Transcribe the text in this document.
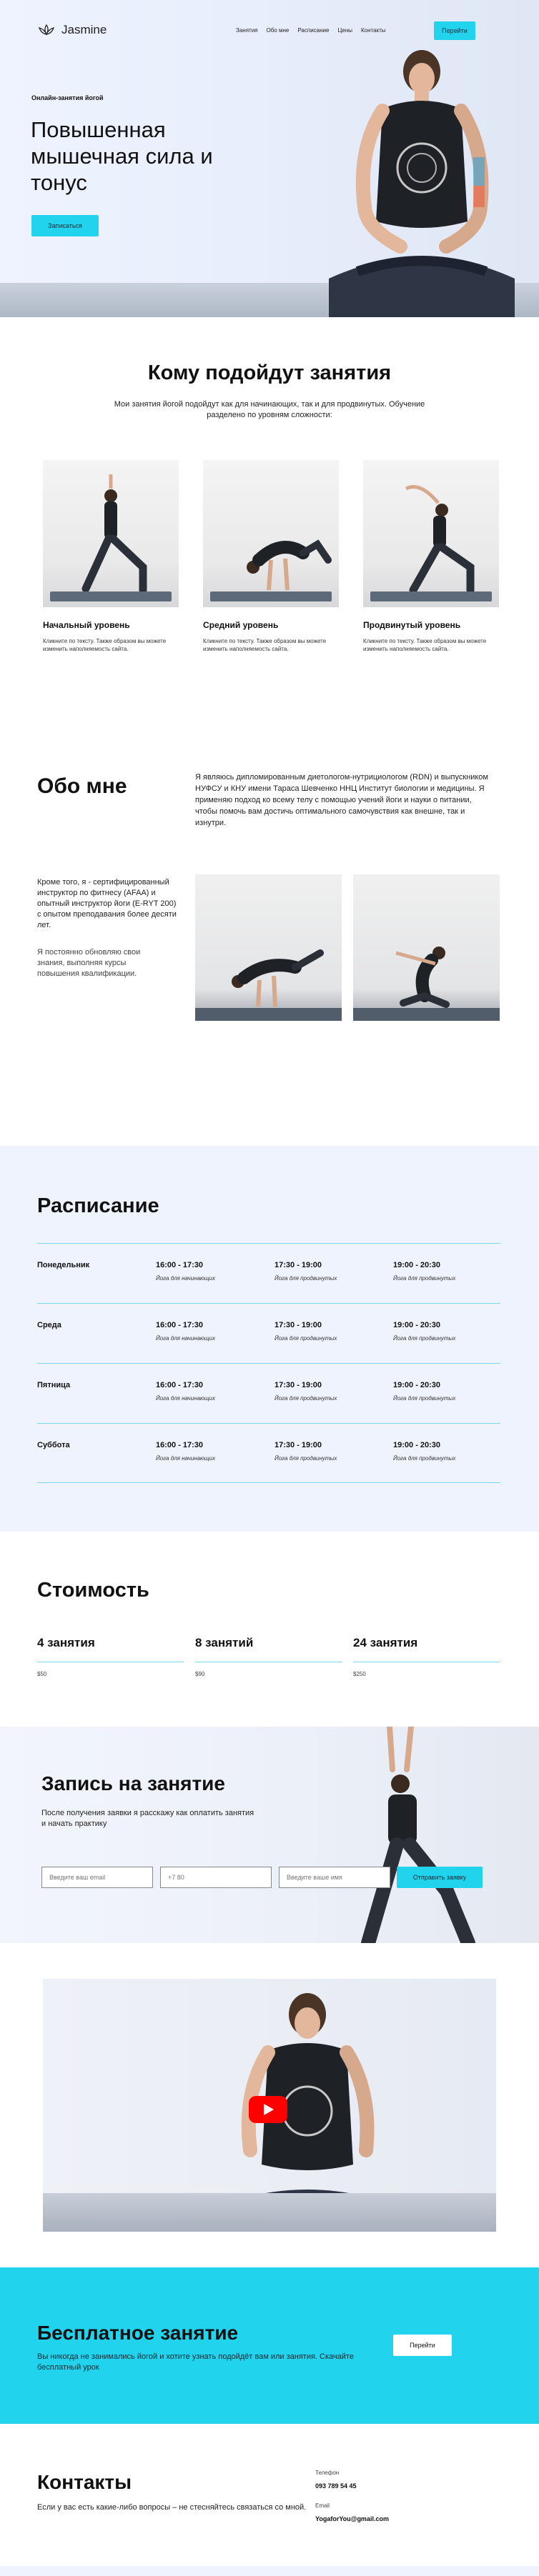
Jasmine	Занятия Обо мне Расписание Цены Контакты	Перейти
Онлайн-занятия йогой
Повышенная мышечная сила и тонус
Записаться
Кому подойдут занятия
Мои занятия йогой подойдут как для начинающих, так и для продвинутых. Обучение разделено по уровням сложности:
Начальный уровень
Кликните по тексту. Также образом вы можете изменить наполняемость сайта.
Средний уровень
Кликните по тексту. Также образом вы можете изменить наполняемость сайта.
Продвинутый уровень
Кликните по тексту. Также образом вы можете изменить наполняемость сайта.
Обо мне	Я являюсь дипломированным диетологом-нутрициологом (RDN) и выпускником НУФСУ и КНУ имени Тараса Шевченко ННЦ Институт биологии и медицины. Я применяю подход ко всему телу с помощью учений йоги и науки о питании, чтобы помочь вам достичь оптимального самочувствия как внешне, так и изнутри.
Кроме того, я - сертифицированный инструктор по фитнесу (AFAA) и опытный инструктор йоги (E-RYT 200) с опытом преподавания более десяти лет.
Я постоянно обновляю свои знания, выполняя курсы повышения квалификации.
Расписание
Понедельник	16:00 - 17:30
Йога для начинающих
17:30 - 19:00
Йога для продвинутых
19:00 - 20:30
Йога для продвинутых
Среда	16:00 - 17:30
Йога для начинающих
17:30 - 19:00
Йога для продвинутых
19:00 - 20:30
Йога для продвинутых
Пятница	16:00 - 17:30
Йога для начинающих
17:30 - 19:00
Йога для продвинутых
19:00 - 20:30
Йога для продвинутых
Суббота	16:00 - 17:30
Йога для начинающих
17:30 - 19:00
Йога для продвинутых
19:00 - 20:30
Йога для продвинутых
Стоимость
4 занятия
$50
8 занятий
$90
24 занятия
$250
Запись на занятие
После получения заявки я расскажу как оплатить занятия и начать практику
Введите ваш email
+7 80
Введите ваше имя
Отправить заявку
Бесплатное занятие
Вы никогда не занимались йогой и хотите узнать подойдёт вам или занятия. Скачайте бесплатный урок
Перейти
Контакты
Если у вас есть какие-либо вопросы – не стесняйтесь связаться со мной.
Телефон
093 789 54 45
Email
YogaforYou@gmail.com
